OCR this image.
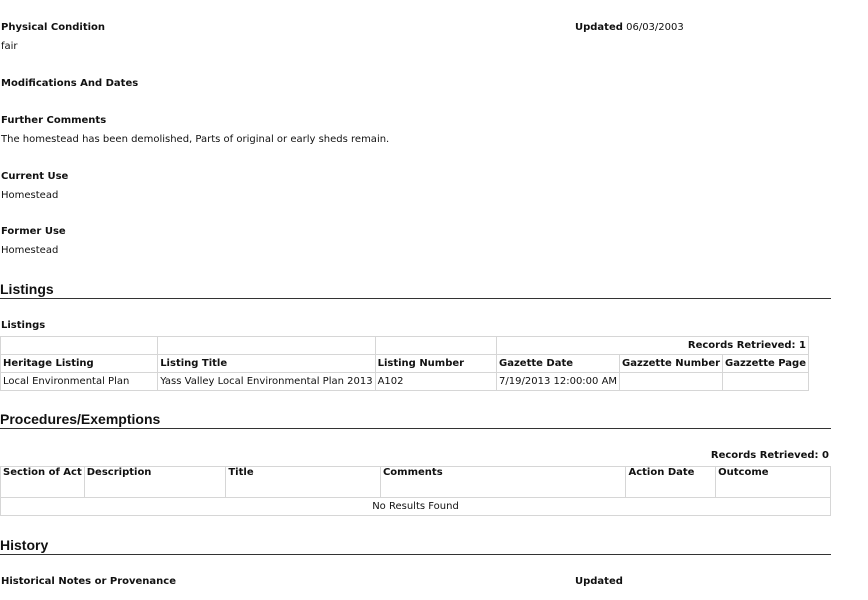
Physical Condition
fair
Updated 06/03/2003
Modifications And Dates
Further Comments
The homestead has been demolished, Parts of original or early sheds remain.
Current Use
Homestead
Former Use
Homestead
Listings
Listings
			Records Retrieved: 1		
Heritage Listing	Listing Title	Listing Number	Gazette Date	Gazzette Number	Gazzette Page
Local Environmental Plan	Yass Valley Local Environmental Plan 2013	A102	7/19/2013 12:00:00 AM		
Procedures/Exemptions
Records Retrieved: 0
Section of Act	Description	Title	Comments	Action Date	Outcome
No Results Found
History
Historical Notes or Provenance	Updated
